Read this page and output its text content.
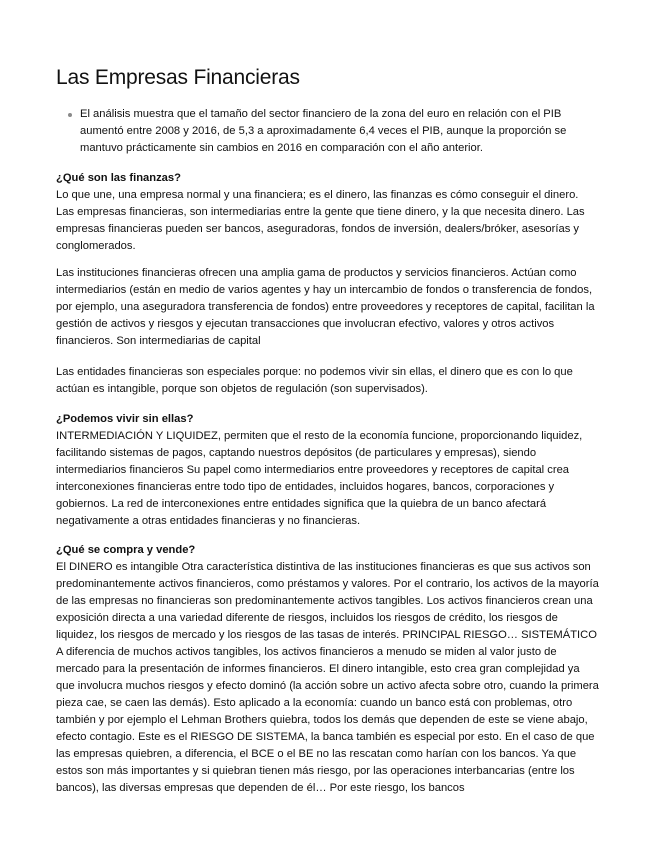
Las Empresas Financieras
El análisis muestra que el tamaño del sector financiero de la zona del euro en relación con el PIB aumentó entre 2008 y 2016, de 5,3 a aproximadamente 6,4 veces el PIB, aunque la proporción se mantuvo prácticamente sin cambios en 2016 en comparación con el año anterior.
¿Qué son las finanzas?
Lo que une, una empresa normal y una financiera; es el dinero, las finanzas es cómo conseguir el dinero. Las empresas financieras, son intermediarias entre la gente que tiene dinero, y la que necesita dinero. Las empresas financieras pueden ser bancos, aseguradoras, fondos de inversión, dealers/bróker, asesorías y conglomerados.
Las instituciones financieras ofrecen una amplia gama de productos y servicios financieros. Actúan como intermediarios (están en medio de varios agentes y hay un intercambio de fondos o transferencia de fondos, por ejemplo, una aseguradora transferencia de fondos) entre proveedores y receptores de capital, facilitan la gestión de activos y riesgos y ejecutan transacciones que involucran efectivo, valores y otros activos financieros. Son intermediarias de capital
Las entidades financieras son especiales porque: no podemos vivir sin ellas, el dinero que es con lo que actúan es intangible, porque son objetos de regulación (son supervisados).
¿Podemos vivir sin ellas?
INTERMEDIACIÓN Y LIQUIDEZ, permiten que el resto de la economía funcione, proporcionando liquidez, facilitando sistemas de pagos, captando nuestros depósitos (de particulares y empresas), siendo intermediarios financieros Su papel como intermediarios entre proveedores y receptores de capital crea interconexiones financieras entre todo tipo de entidades, incluidos hogares, bancos, corporaciones y gobiernos. La red de interconexiones entre entidades significa que la quiebra de un banco afectará negativamente a otras entidades financieras y no financieras.
¿Qué se compra y vende?
El DINERO es intangible Otra característica distintiva de las instituciones financieras es que sus activos son predominantemente activos financieros, como préstamos y valores. Por el contrario, los activos de la mayoría de las empresas no financieras son predominantemente activos tangibles. Los activos financieros crean una exposición directa a una variedad diferente de riesgos, incluidos los riesgos de crédito, los riesgos de liquidez, los riesgos de mercado y los riesgos de las tasas de interés. PRINCIPAL RIESGO… SISTEMÁTICO A diferencia de muchos activos tangibles, los activos financieros a menudo se miden al valor justo de mercado para la presentación de informes financieros. El dinero intangible, esto crea gran complejidad ya que involucra muchos riesgos y efecto dominó (la acción sobre un activo afecta sobre otro, cuando la primera pieza cae, se caen las demás). Esto aplicado a la economía: cuando un banco está con problemas, otro también y por ejemplo el Lehman Brothers quiebra, todos los demás que dependen de este se viene abajo, efecto contagio. Este es el RIESGO DE SISTEMA, la banca también es especial por esto. En el caso de que las empresas quiebren, a diferencia, el BCE o el BE no las rescatan como harían con los bancos. Ya que estos son más importantes y si quiebran tienen más riesgo, por las operaciones interbancarias (entre los bancos), las diversas empresas que dependen de él… Por este riesgo, los bancos
